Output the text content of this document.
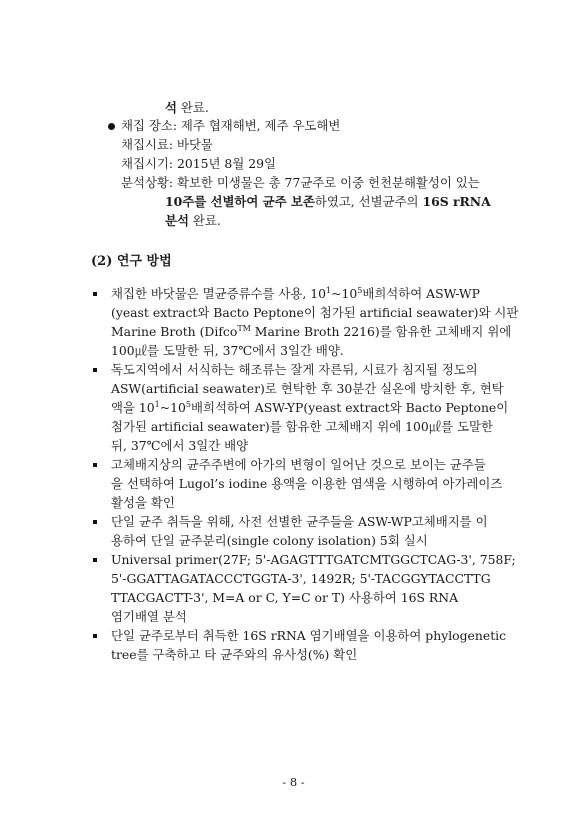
석 완료.
채집 장소: 제주 협재해변, 제주 우도해변
채집시료: 바닷물
채집시기: 2015년 8월 29일
분석상황: 확보한 미생물은 총 77균주로 이중 헌천분해활성이 있는
10주를 선별하여 균주 보존하였고, 선별균주의 16S rRNA
분석 완료.
(2) 연구 방법
채집한 바닷물은 멸균증류수를 사용, $10^1\sim 10^5$배희석하여 ASW-WP
(yeast extract와 Bacto Peptone이 첨가된 artificial seawater)와 시판
Marine Broth (Difco™ Marine Broth 2216)를 함유한 고체배지 위에
100㎕를 도말한 뒤, 37℃에서 3일간 배양.
독도지역에서 서식하는 해조류는 잘게 자른뒤, 시료가 침지될 정도의
ASW(artificial seawater)로 현탁한 후 30분간 실온에 방치한 후, 현탁
액을 $10^1\sim 10^5$배희석하여 ASW-YP(yeast extract와 Bacto Peptone이
첨가된 artificial seawater)를 함유한 고체배지 위에 100㎕를 도말한
뒤, 37℃에서 3일간 배양
고체배지상의 균주주변에 아가의 변형이 일어난 것으로 보이는 균주들
을 선택하여 Lugol’s iodine 용액을 이용한 염색을 시행하여 아가레이즈
활성을 확인
단일 균주 취득을 위해, 사전 선별한 균주들을 ASW-WP고체배지를 이
용하여 단일 균주분리(single colony isolation) 5회 실시
Universal primer(27F; 5'-AGAGTTTGATCMTGGCTCAG-3', 758F;
5'-GGATTAGATACCCTGGTA-3', 1492R; 5'-TACGGYTACCTTG
TTACGACTT-3', M=A or C, Y=C or T) 사용하여 16S RNA
염기배열 분석
단일 균주로부터 취득한 16S rRNA 염기배열을 이용하여 phylogenetic
tree를 구축하고 타 균주와의 유사성(%) 확인
- 8 -
